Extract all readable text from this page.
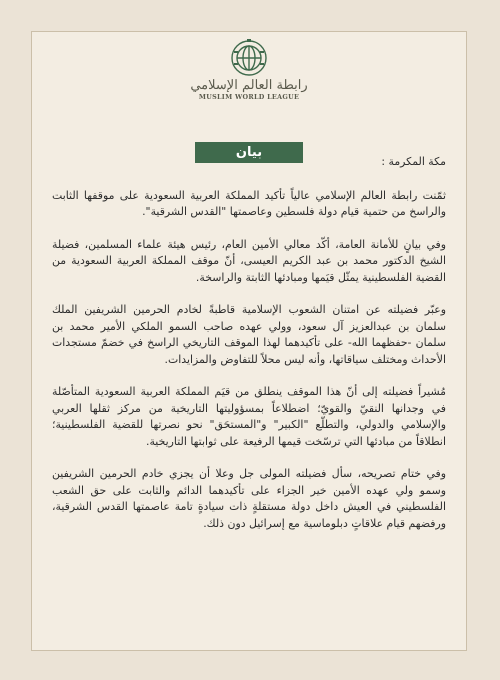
رابطة العالم الإسلامي
MUSLIM WORLD LEAGUE
بيان

مكة المكرمة :

ثمّنت رابطة العالم الإسلامي عالياً تأكيد المملكة العربية السعودية على موقفها الثابت والراسخ من حتمية قيام دولة فلسطين وعاصمتها "القدس الشرقية".

وفي بيانٍ للأمانة العامة، أكّد معالي الأمين العام، رئيس هيئة علماء المسلمين، فضيلة الشيخ الدكتور محمد بن عبد الكريم العيسى، أنّ موقف المملكة العربية السعودية من القضية الفلسطينية يمثّل قيَمها ومبادئها الثابتة والراسخة.

وعبّر فضيلته عن امتنان الشعوب الإسلامية قاطبةً لخادم الحرمين الشريفين الملك سلمان بن عبدالعزيز آل سعود، وولي عهده صاحب السمو الملكي الأمير محمد بن سلمان -حفظهما الله- على تأكيدهما لهذا الموقف التاريخي الراسخ في خضمّ مستجدات الأحداث ومختلف سياقاتها، وأنه ليس محلاً للتفاوض والمزايدات.

مُشيراً فضيلته إلى أنّ هذا الموقف ينطلق من قيَم المملكة العربية السعودية المتأصّلة في وجدانها النقيّ والقويّ؛ اضطلاعاً بمسؤوليتها التاريخية من مركز ثقلها العربي والإسلامي والدولي، والتطلّع "الكبير" و"المستحَق" نحو نصرتها للقضية الفلسطينية؛ انطلاقاً من مبادئها التي ترسّخت قيمها الرفيعة على ثوابتها التاريخية.

وفي ختام تصريحه، سأل فضيلته المولى جل وعلا أن يجزي خادم الحرمين الشريفين وسمو ولي عهده الأمين خير الجزاء على تأكيدهما الدائم والثابت على حق الشعب الفلسطيني في العيش داخل دولة مستقلةٍ ذات سيادةٍ تامة عاصمتها القدس الشرقية، ورفضهم قيام علاقاتٍ دبلوماسية مع إسرائيل دون ذلك.
